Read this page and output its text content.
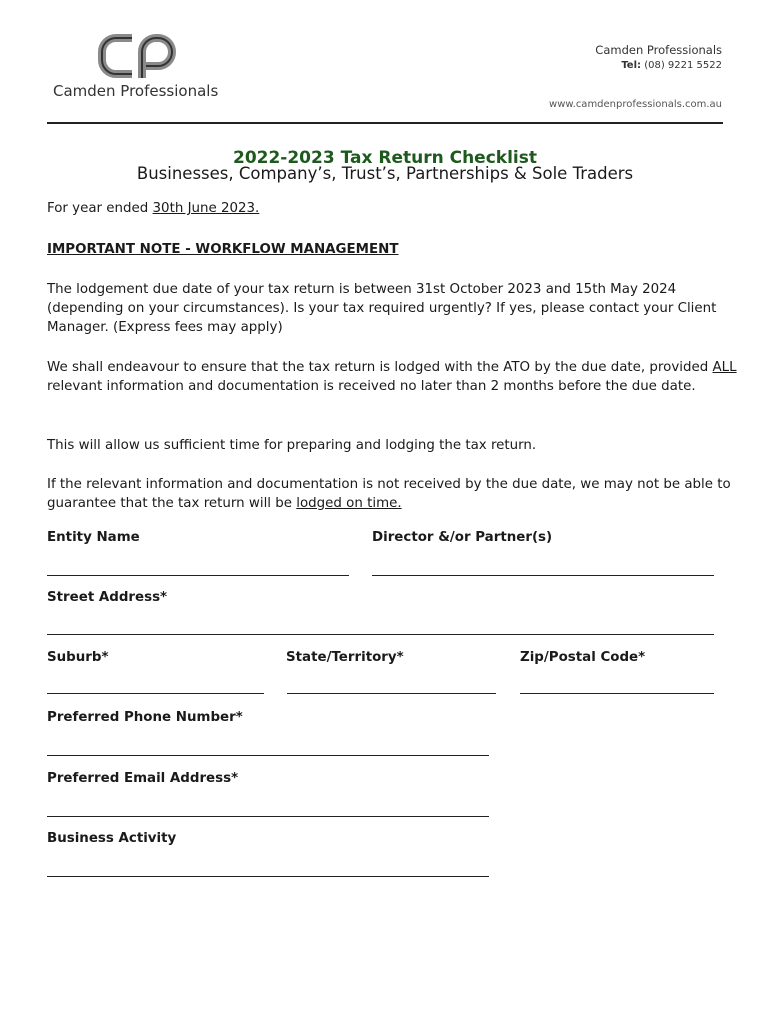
Camden Professionals
Camden Professionals
Tel: (08) 9221 5522
www.camdenprofessionals.com.au
2022-2023 Tax Return Checklist
Businesses, Company’s, Trust’s, Partnerships & Sole Traders
For year ended 30th June 2023.
IMPORTANT NOTE - WORKFLOW MANAGEMENT
The lodgement due date of your tax return is between 31st October 2023 and 15th May 2024 (depending on your circumstances). Is your tax required urgently? If yes, please contact your Client Manager. (Express fees may apply)
We shall endeavour to ensure that the tax return is lodged with the ATO by the due date, provided ALL relevant information and documentation is received no later than 2 months before the due date.
This will allow us sufficient time for preparing and lodging the tax return.
If the relevant information and documentation is not received by the due date, we may not be able to guarantee that the tax return will be lodged on time.
Entity Name	Director &/or Partner(s)
Street Address*
Suburb*	State/Territory*	Zip/Postal Code*
Preferred Phone Number*
Preferred Email Address*
Business Activity
